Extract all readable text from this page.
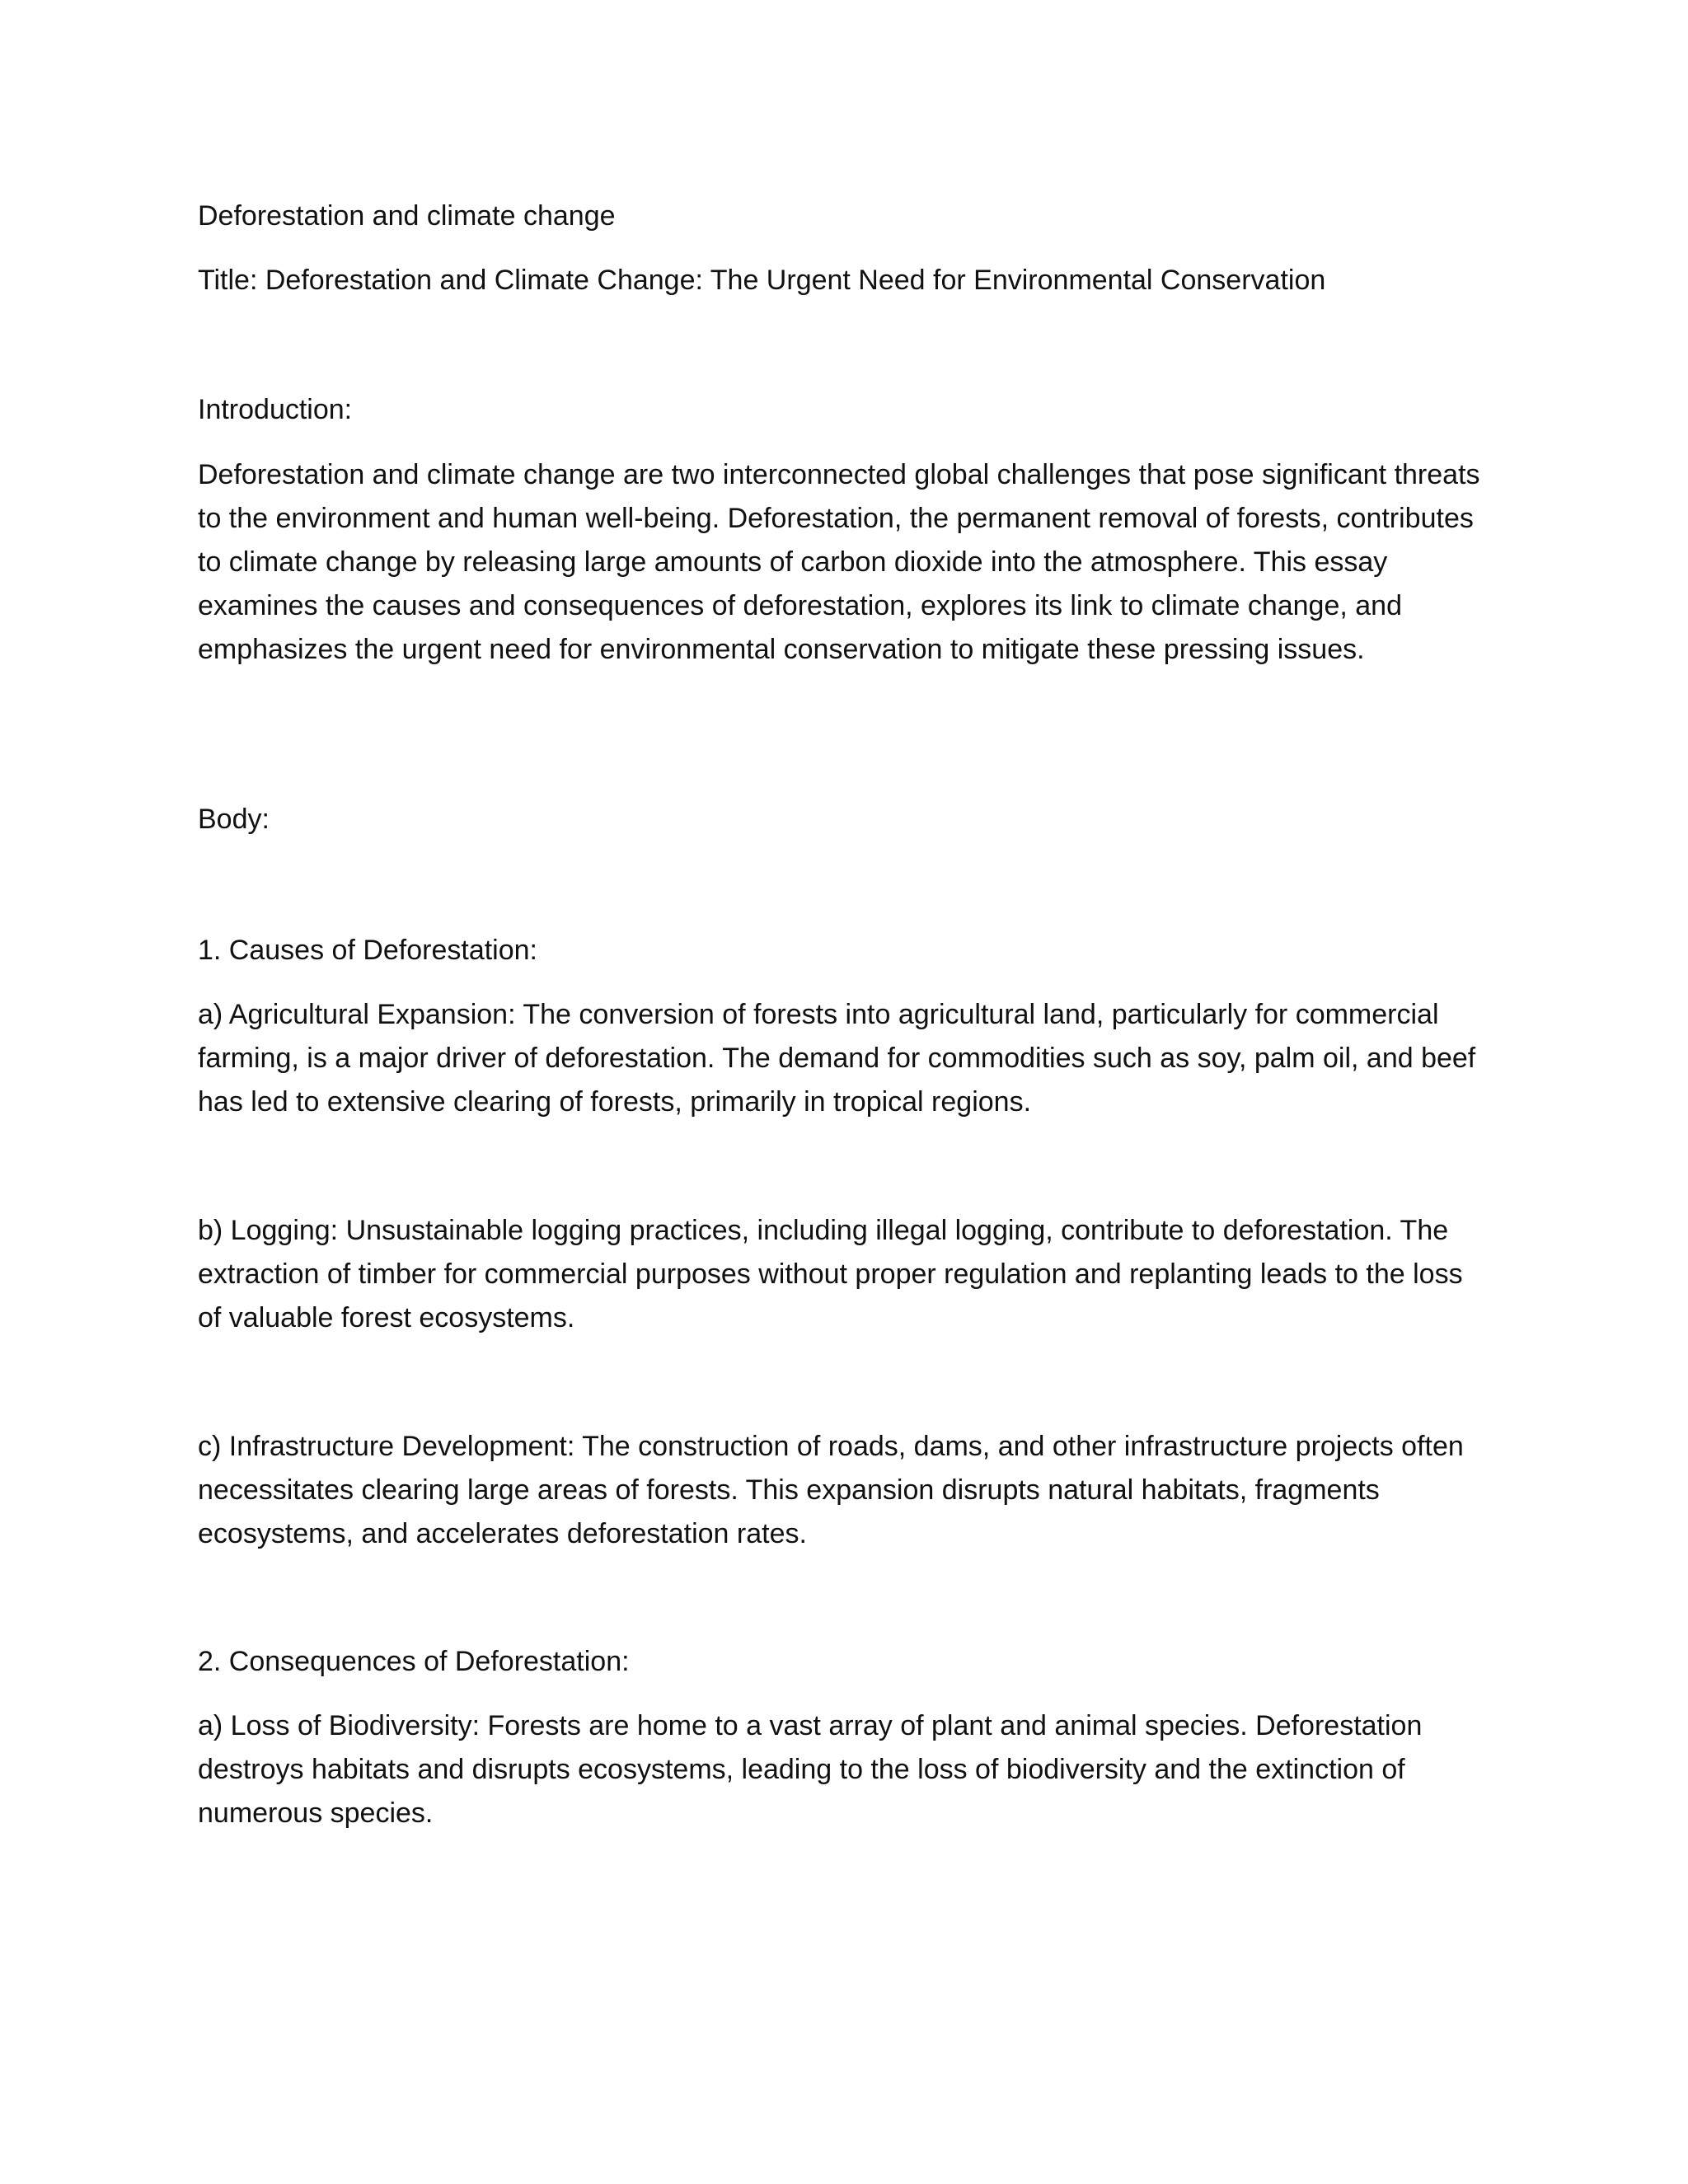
Deforestation and climate change

Title: Deforestation and Climate Change: The Urgent Need for Environmental Conservation

Introduction:

Deforestation and climate change are two interconnected global challenges that pose significant threats to the environment and human well-being. Deforestation, the permanent removal of forests, contributes to climate change by releasing large amounts of carbon dioxide into the atmosphere. This essay examines the causes and consequences of deforestation, explores its link to climate change, and emphasizes the urgent need for environmental conservation to mitigate these pressing issues.

Body:

1. Causes of Deforestation:

a) Agricultural Expansion: The conversion of forests into agricultural land, particularly for commercial farming, is a major driver of deforestation. The demand for commodities such as soy, palm oil, and beef has led to extensive clearing of forests, primarily in tropical regions.

b) Logging: Unsustainable logging practices, including illegal logging, contribute to deforestation. The extraction of timber for commercial purposes without proper regulation and replanting leads to the loss of valuable forest ecosystems.

c) Infrastructure Development: The construction of roads, dams, and other infrastructure projects often necessitates clearing large areas of forests. This expansion disrupts natural habitats, fragments ecosystems, and accelerates deforestation rates.

2. Consequences of Deforestation:

a) Loss of Biodiversity: Forests are home to a vast array of plant and animal species. Deforestation destroys habitats and disrupts ecosystems, leading to the loss of biodiversity and the extinction of numerous species.
